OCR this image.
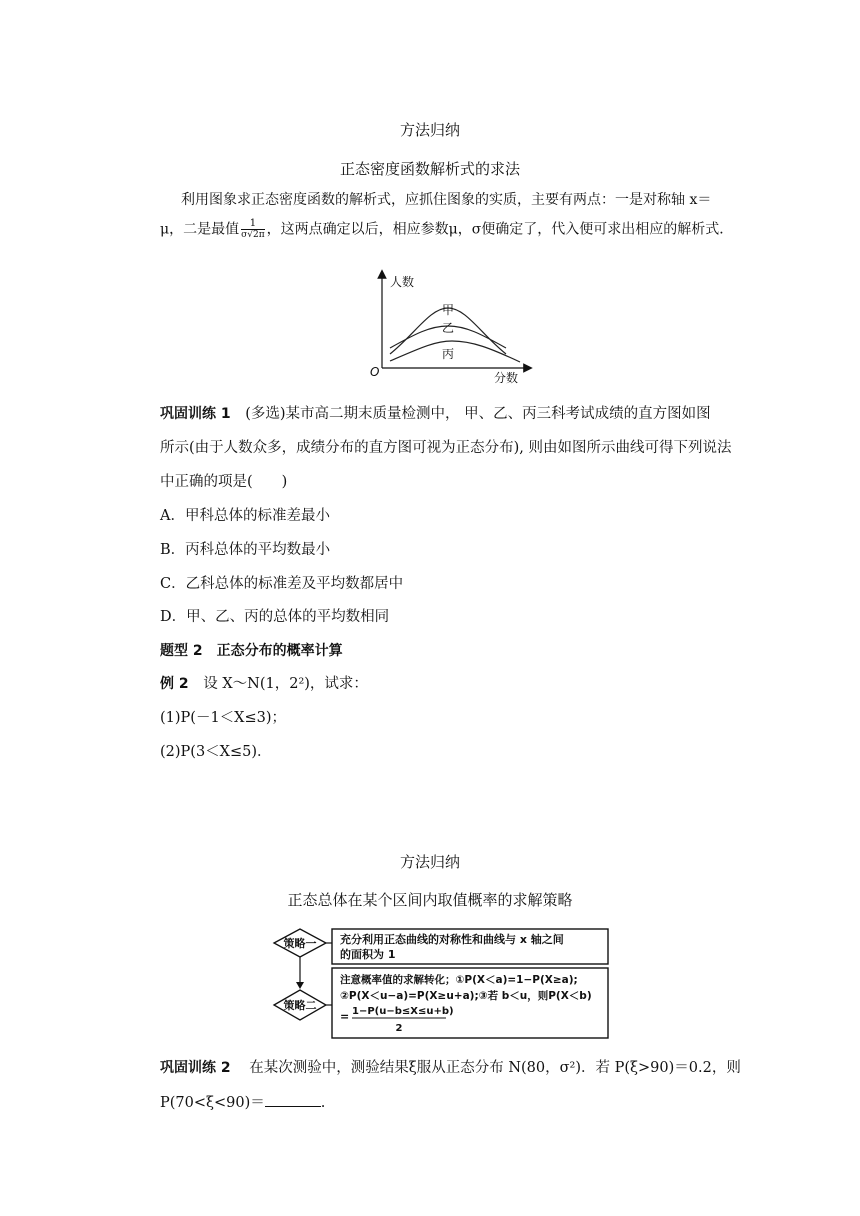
方法归纳
正态密度函数解析式的求法
利用图象求正态密度函数的解析式，应抓住图象的实质，主要有两点：一是对称轴 x＝
μ，二是最值 $\frac{1}{\sigma√2\pi}$ ，这两点确定以后，相应参数μ，σ便确定了，代入便可求出相应的解析式．
人数
分数
O
甲
乙
丙
巩固训练 1 (多选)某市高二期末质量检测中， 甲、乙、丙三科考试成绩的直方图如图
所示(由于人数众多，成绩分布的直方图可视为正态分布), 则由如图所示曲线可得下列说法
中正确的项是(　　)
A．甲科总体的标准差最小
B．丙科总体的平均数最小
C．乙科总体的标准差及平均数都居中
D．甲、乙、丙的总体的平均数相同
题型 2　正态分布的概率计算
例 2 设 X～N(1，2²)，试求：
(1)P(－1＜X≤3)；
(2)P(3＜X≤5)．
方法归纳
正态总体在某个区间内取值概率的求解策略
策略一 充分利用正态曲线的对称性和曲线与 x 轴之间
的面积为 1
策略二
注意概率值的求解转化；①P(X＜a)=1−P(X≥a);
②P(X＜u−a)=P(X≥u+a);③若 b＜u，则P(X＜b)
= 1−P(u−b≤X≤u+b)
2
巩固训练 2 在某次测验中，测验结果ξ服从正态分布 N(80，σ²)．若 P(ξ>90)＝0.2，则
P(70<ξ<90)＝	.
